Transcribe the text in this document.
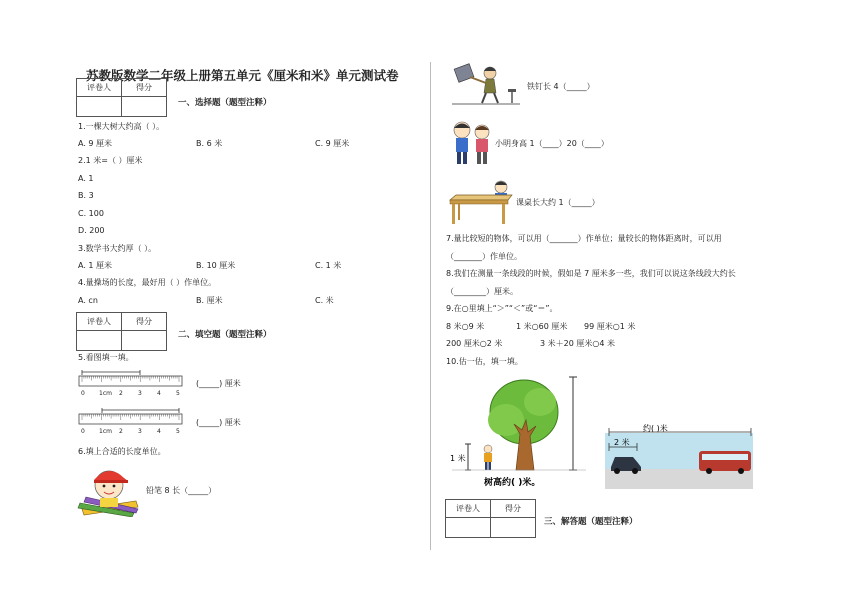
苏教版数学二年级上册第五单元《厘米和米》单元测试卷
评卷人	得分

一、选择题（题型注释）
1.一棵大树大约高（ ）。
A. 9 厘米	B. 6 米	C. 9 厘米
2.1 米=（ ）厘米
A. 1
B. 3
C. 100
D. 200
3.数学书大约厚（ ）。
A. 1 厘米	B. 10 厘米	C. 1 米
4.量操场的长度，最好用（ ）作单位。
A. cn	B. 厘米	C. 米
评卷人	得分

二、填空题（题型注释）
5.看图填一填。
0 1cm 2	3	4	5
(_____) 厘米
0 1cm 2	3	4	5
(_____) 厘米
6.填上合适的长度单位。
铅笔 8 长（_____）
铁钉长 4（_____）
小明身高 1（____）20（____）
课桌长大约 1（_____）
7.量比较短的物体，可以用（_______）作单位；量较长的物体距离时，可以用
（_______）作单位。
8.我们在测量一条线段的时候，假如是 7 厘米多一些，我们可以说这条线段大约长
（________）厘米。
9.在○里填上“＞”“＜”或“＝”。
8 米○9 米	1 米○60 厘米 99 厘米○1 米
200 厘米○2 米	3 米＋20 厘米○4 米
10.估一估，填一填。
1 米
树高约( )米。
2 米
约( )米
评卷人	得分

三、解答题（题型注释）
